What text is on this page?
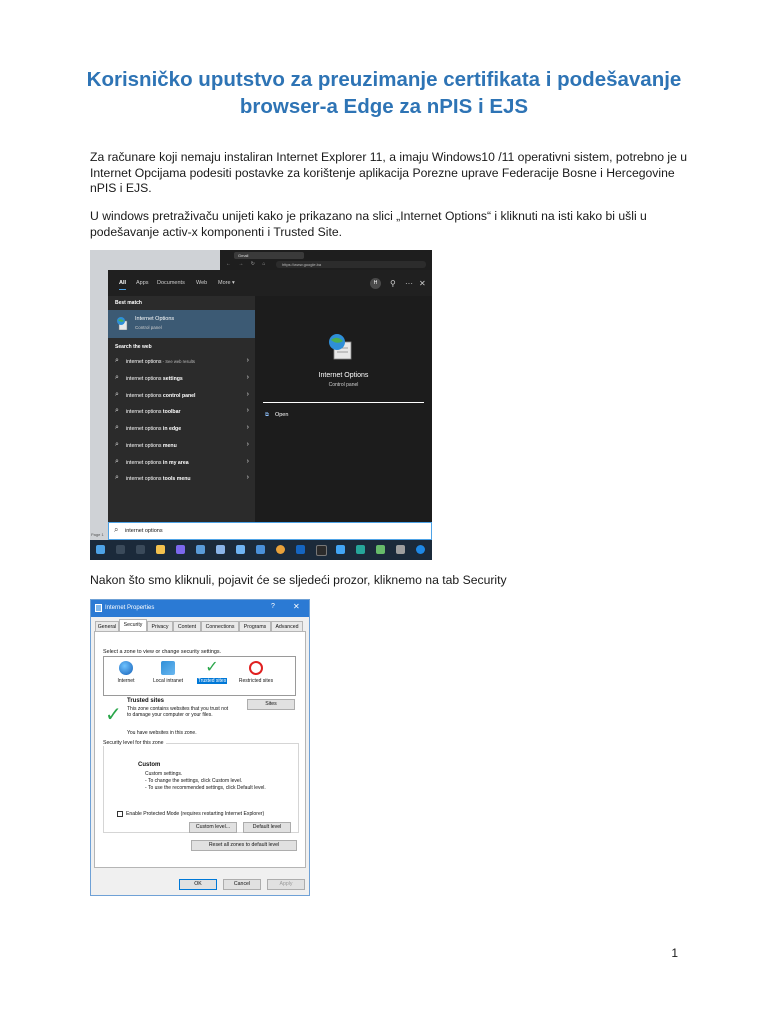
Korisničko uputstvo za preuzimanje certifikata i podešavanje
browser-a Edge za nPIS i EJS
Za računare koji nemaju instaliran Internet Explorer 11, a imaju Windows10 /11 operativni sistem, potrebno je u Internet Opcijama podesiti postavke za korištenje aplikacija Porezne uprave Federacije Bosne i Hercegovine nPIS i EJS.
U windows pretraživaču unijeti kako je prikazano na slici „Internet Options“ i kliknuti na isti kako bi ušli u podešavanje activ-x komponenti i Trusted Site.
Nakon što smo kliknuli, pojavit će se sljedeći prozor, kliknemo na tab Security
1
Gmail
← → ↻ ⌂	https://www.google.ba
All Apps Documents Web More ▾	H	⚲ ··· ✕
Best match
Internet Options
Control panel
Search the web
⌕ internet options - See web results	›
⌕ internet options settings	›
⌕ internet options control panel	›
⌕ internet options toolbar	›
⌕ internet options in edge	›
⌕ internet options menu	›
⌕ internet options in my area	›
⌕ internet options tools menu	›
Internet Options
Control panel
⧉ Open
⌕ internet options
Page 1
Internet Properties	? ✕
General	Security	Privacy	Content	Connections	Programs	Advanced
Select a zone to view or change security settings.
Internet	Local intranet
✓
Trusted sites	Restricted sites
✓
Trusted sites
This zone contains websites that you trust not to damage your computer or your files.
You have websites in this zone.
Sites
Security level for this zone
Custom
Custom settings.
- To change the settings, click Custom level.
- To use the recommended settings, click Default level.
Enable Protected Mode (requires restarting Internet Explorer)
Custom level...	Default level
Reset all zones to default level
OK	Cancel	Apply
